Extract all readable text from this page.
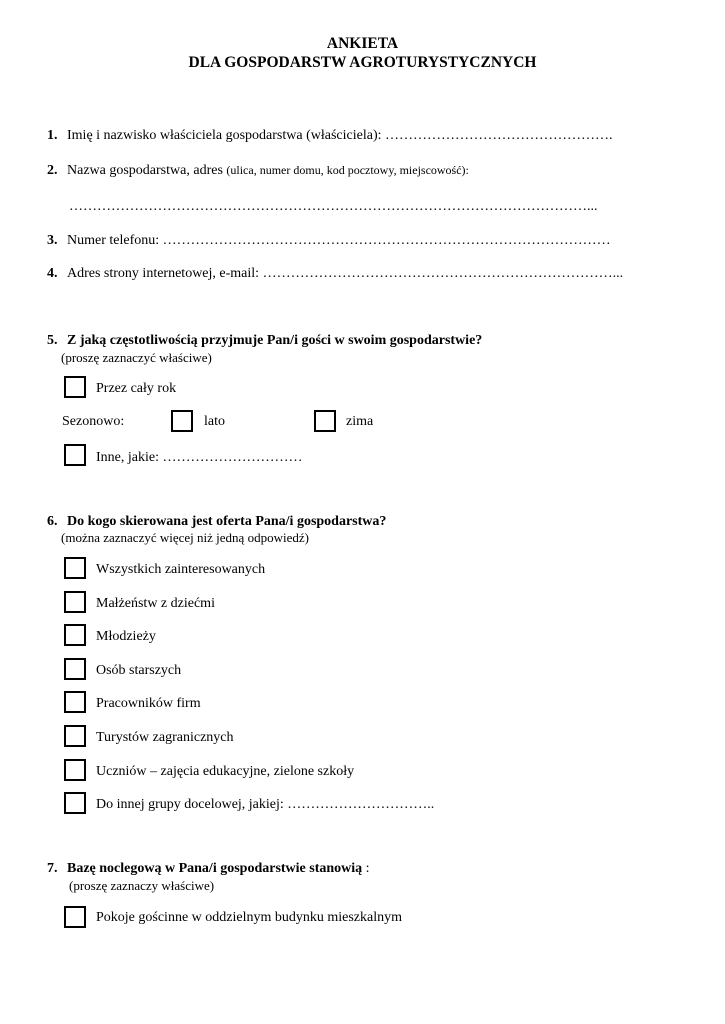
ANKIETA
DLA GOSPODARSTW AGROTURYSTYCZNYCH
1. Imię i nazwisko właściciela gospodarstwa (właściciela): ………………………………………….
2. Nazwa gospodarstwa, adres (ulica, numer domu, kod pocztowy, miejscowość):
…………………………………………………………………………………………………...
3. Numer telefonu: ……………………………………………………………………………………
4. Adres strony internetowej, e-mail: …………………………………………………………………...
5. Z jaką częstotliwością przyjmuje Pan/i gości w swoim gospodarstwie?
(proszę zaznaczyć właściwe)
Przez cały rok
Sezonowo:	lato	zima
Inne, jakie: …………………………
6. Do kogo skierowana jest oferta Pana/i gospodarstwa?
(można zaznaczyć więcej niż jedną odpowiedź)
Wszystkich zainteresowanych
Małżeństw z dziećmi
Młodzieży
Osób starszych
Pracowników firm
Turystów zagranicznych
Uczniów – zajęcia edukacyjne, zielone szkoły
Do innej grupy docelowej, jakiej: …………………………..
7. Bazę noclegową w Pana/i gospodarstwie stanowią :
(proszę zaznaczy właściwe)
Pokoje gościnne w oddzielnym budynku mieszkalnym
